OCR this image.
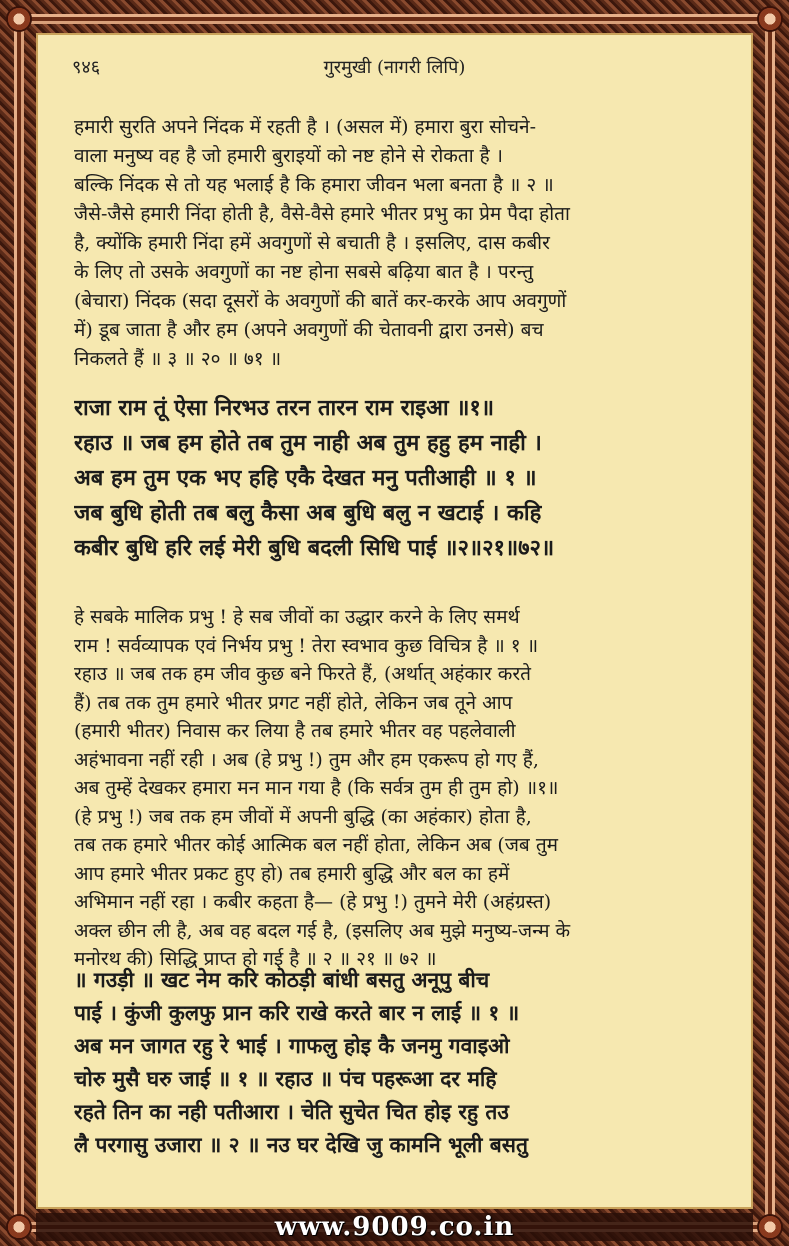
गुरमुखी (नागरी लिपि)
९४६
हमारी सुरति अपने निंदक में रहती है । (असल में) हमारा बुरा सोचने-
वाला मनुष्य वह है जो हमारी बुराइयों को नष्ट होने से रोकता है ।
बल्कि निंदक से तो यह भलाई है कि हमारा जीवन भला बनता है ॥ २ ॥
जैसे-जैसे हमारी निंदा होती है, वैसे-वैसे हमारे भीतर प्रभु का प्रेम पैदा होता
है, क्योंकि हमारी निंदा हमें अवगुणों से बचाती है । इसलिए, दास कबीर
के लिए तो उसके अवगुणों का नष्ट होना सबसे बढ़िया बात है । परन्तु
(बेचारा) निंदक (सदा दूसरों के अवगुणों की बातें कर-करके आप अवगुणों
में) डूब जाता है और हम (अपने अवगुणों की चेतावनी द्वारा उनसे) बच
निकलते हैं ॥ ३ ॥ २० ॥ ७१ ॥
राजा राम तूं ऐसा निरभउ तरन तारन राम राइआ ॥१॥
रहाउ ॥ जब हम होते तब तुम नाही अब तुम हहु हम नाही ।
अब हम तुम एक भए हहि एकै देखत मनु पतीआही ॥ १ ॥
जब बुधि होती तब बलु कैसा अब बुधि बलु न खटाई । कहि
कबीर बुधि हरि लई मेरी बुधि बदली सिधि पाई ॥२॥२१॥७२॥
हे सबके मालिक प्रभु ! हे सब जीवों का उद्धार करने के लिए समर्थ
राम ! सर्वव्यापक एवं निर्भय प्रभु ! तेरा स्वभाव कुछ विचित्र है ॥ १ ॥
रहाउ ॥ जब तक हम जीव कुछ बने फिरते हैं, (अर्थात् अहंकार करते
हैं) तब तक तुम हमारे भीतर प्रगट नहीं होते, लेकिन जब तूने आप
(हमारी भीतर) निवास कर लिया है तब हमारे भीतर वह पहलेवाली
अहंभावना नहीं रही । अब (हे प्रभु !) तुम और हम एकरूप हो गए हैं,
अब तुम्हें देखकर हमारा मन मान गया है (कि सर्वत्र तुम ही तुम हो) ॥१॥
(हे प्रभु !) जब तक हम जीवों में अपनी बुद्धि (का अहंकार) होता है,
तब तक हमारे भीतर कोई आत्मिक बल नहीं होता, लेकिन अब (जब तुम
आप हमारे भीतर प्रकट हुए हो) तब हमारी बुद्धि और बल का हमें
अभिमान नहीं रहा । कबीर कहता है— (हे प्रभु !) तुमने मेरी (अहंग्रस्त)
अक्ल छीन ली है, अब वह बदल गई है, (इसलिए अब मुझे मनुष्य-जन्म के
मनोरथ की) सिद्धि प्राप्त हो गई है ॥ २ ॥ २१ ॥ ७२ ॥
॥ गउड़ी ॥ खट नेम करि कोठड़ी बांधी बसतु अनूपु बीच
पाई । कुंजी कुलफु प्रान करि राखे करते बार न लाई ॥ १ ॥
अब मन जागत रहु रे भाई । गाफलु होइ कै जनमु गवाइओ
चोरु मुसै घरु जाई ॥ १ ॥ रहाउ ॥ पंच पहरूआ दर महि
रहते तिन का नही पतीआरा । चेति सुचेत चित होइ रहु तउ
लै परगासु उजारा ॥ २ ॥ नउ घर देखि जु कामनि भूली बसतु
www.9009.co.in
